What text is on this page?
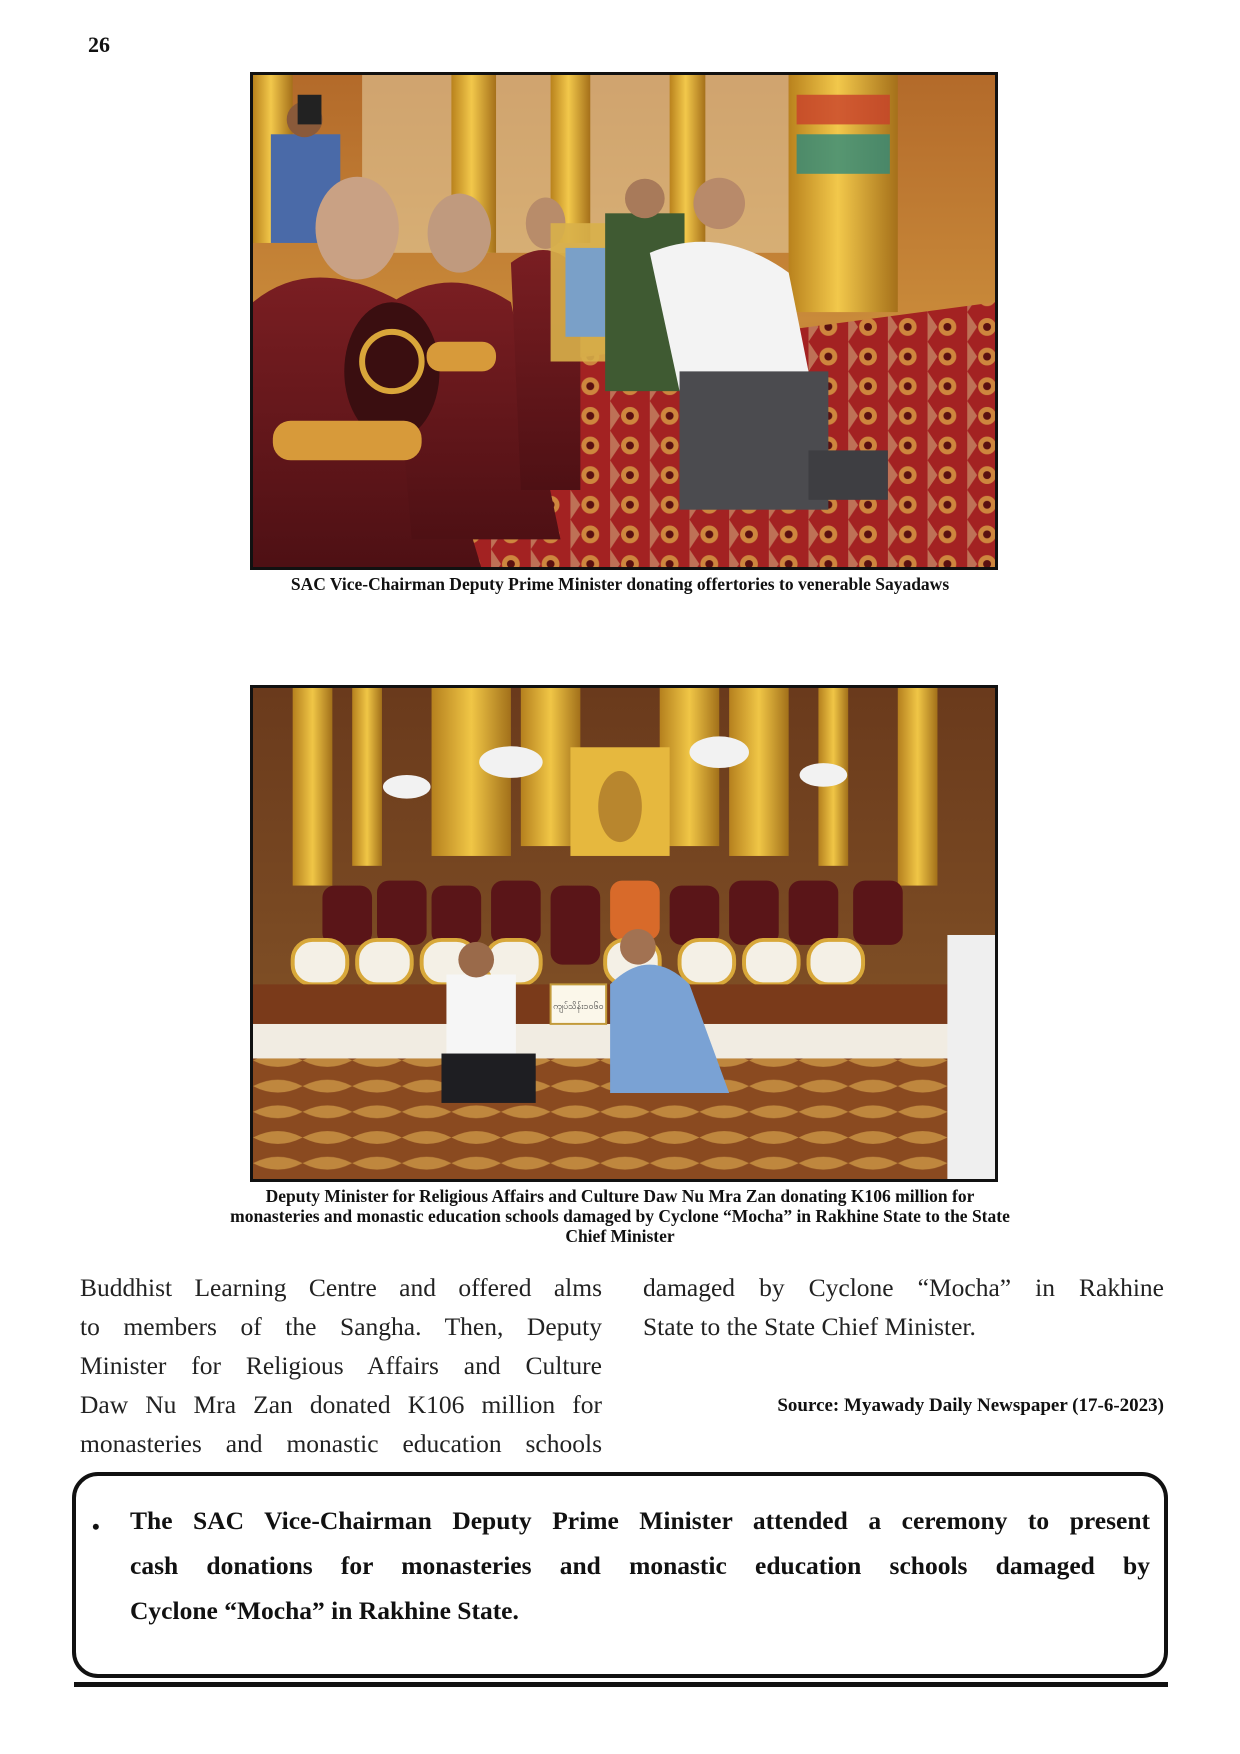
26
SAC Vice-Chairman Deputy Prime Minister donating offertories to venerable Sayadaws
ကျပ်သိန်း၁၀၆၀
Deputy Minister for Religious Affairs and Culture Daw Nu Mra Zan donating K106 million for
monasteries and monastic education schools damaged by Cyclone “Mocha” in Rakhine State to the State
Chief Minister
Buddhist Learning Centre and offered alms
to members of the Sangha. Then, Deputy
Minister for Religious Affairs and Culture
Daw Nu Mra Zan donated K106 million for
monasteries and monastic education schools
damaged by Cyclone “Mocha” in Rakhine
State to the State Chief Minister.
Source: Myawady Daily Newspaper (17-6-2023)
• The SAC Vice-Chairman Deputy Prime Minister attended a ceremony to present
cash donations for monasteries and monastic education schools damaged by
Cyclone “Mocha” in Rakhine State.
